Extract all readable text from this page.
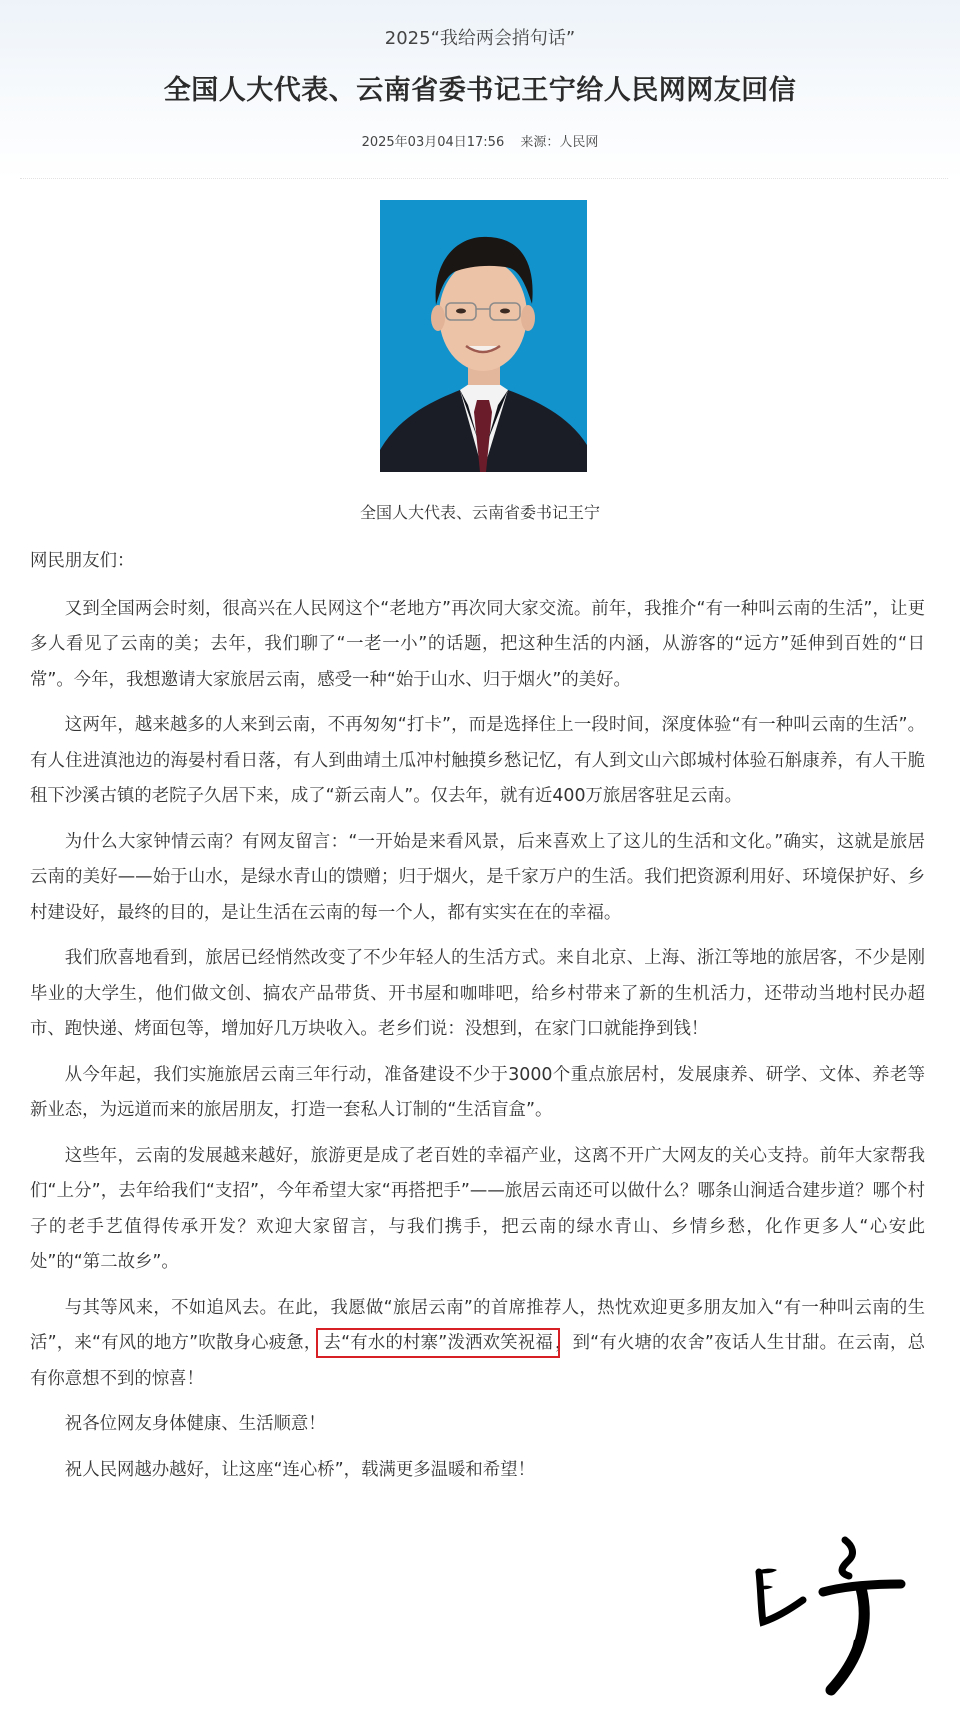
2025“我给两会捎句话”
全国人大代表、云南省委书记王宁给人民网网友回信
2025年03月04日17:56 来源：人民网
全国人大代表、云南省委书记王宁

网民朋友们：

又到全国两会时刻，很高兴在人民网这个“老地方”再次同大家交流。前年，我推介“有一种叫云南的生活”，让更多人看见了云南的美；去年，我们聊了“一老一小”的话题，把这种生活的内涵，从游客的“远方”延伸到百姓的“日常”。今年，我想邀请大家旅居云南，感受一种“始于山水、归于烟火”的美好。

这两年，越来越多的人来到云南，不再匆匆“打卡”，而是选择住上一段时间，深度体验“有一种叫云南的生活”。有人住进滇池边的海晏村看日落，有人到曲靖土瓜冲村触摸乡愁记忆，有人到文山六郎城村体验石斛康养，有人干脆租下沙溪古镇的老院子久居下来，成了“新云南人”。仅去年，就有近400万旅居客驻足云南。

为什么大家钟情云南？有网友留言：“一开始是来看风景，后来喜欢上了这儿的生活和文化。”确实，这就是旅居云南的美好——始于山水，是绿水青山的馈赠；归于烟火，是千家万户的生活。我们把资源利用好、环境保护好、乡村建设好，最终的目的，是让生活在云南的每一个人，都有实实在在的幸福。

我们欣喜地看到，旅居已经悄然改变了不少年轻人的生活方式。来自北京、上海、浙江等地的旅居客，不少是刚毕业的大学生，他们做文创、搞农产品带货、开书屋和咖啡吧，给乡村带来了新的生机活力，还带动当地村民办超市、跑快递、烤面包等，增加好几万块收入。老乡们说：没想到，在家门口就能挣到钱！

从今年起，我们实施旅居云南三年行动，准备建设不少于3000个重点旅居村，发展康养、研学、文体、养老等新业态，为远道而来的旅居朋友，打造一套私人订制的“生活盲盒”。

这些年，云南的发展越来越好，旅游更是成了老百姓的幸福产业，这离不开广大网友的关心支持。前年大家帮我们“上分”，去年给我们“支招”，今年希望大家“再搭把手”——旅居云南还可以做什么？哪条山涧适合建步道？哪个村子的老手艺值得传承开发？欢迎大家留言，与我们携手，把云南的绿水青山、乡情乡愁，化作更多人“心安此处”的“第二故乡”。

与其等风来，不如追风去。在此，我愿做“旅居云南”的首席推荐人，热忱欢迎更多朋友加入“有一种叫云南的生活”，来“有风的地方”吹散身心疲惫， 去“有水的村寨”泼洒欢笑祝福 ，到“有火塘的农舍”夜话人生甘甜。在云南，总有你意想不到的惊喜！

祝各位网友身体健康、生活顺意！

祝人民网越办越好，让这座“连心桥”，载满更多温暖和希望！
